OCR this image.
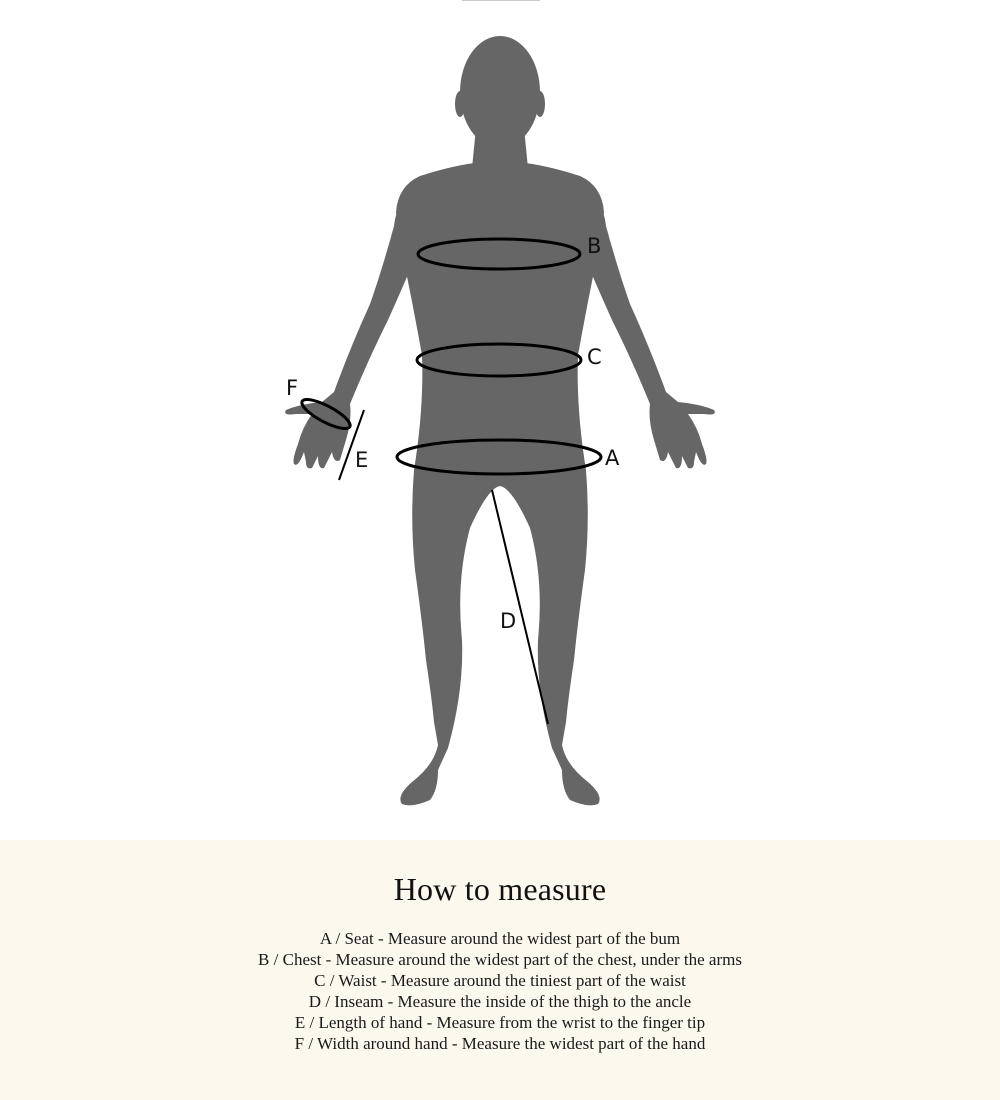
B
C
A
F
E
D
How to measure
A / Seat - Measure around the widest part of the bum
B / Chest - Measure around the widest part of the chest, under the arms
C / Waist - Measure around the tiniest part of the waist
D / Inseam - Measure the inside of the thigh to the ancle
E / Length of hand - Measure from the wrist to the finger tip
F / Width around hand - Measure the widest part of the hand
